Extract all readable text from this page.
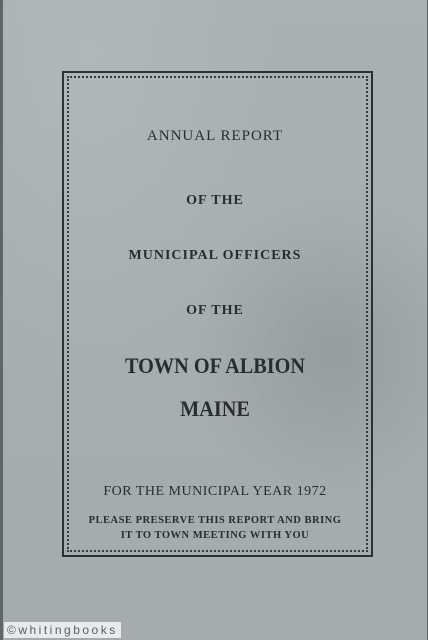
ANNUAL REPORT

OF THE

MUNICIPAL OFFICERS

OF THE

TOWN OF ALBION

MAINE

FOR THE MUNICIPAL YEAR 1972

PLEASE PRESERVE THIS REPORT AND BRING

IT TO TOWN MEETING WITH YOU

©whitingbooks
